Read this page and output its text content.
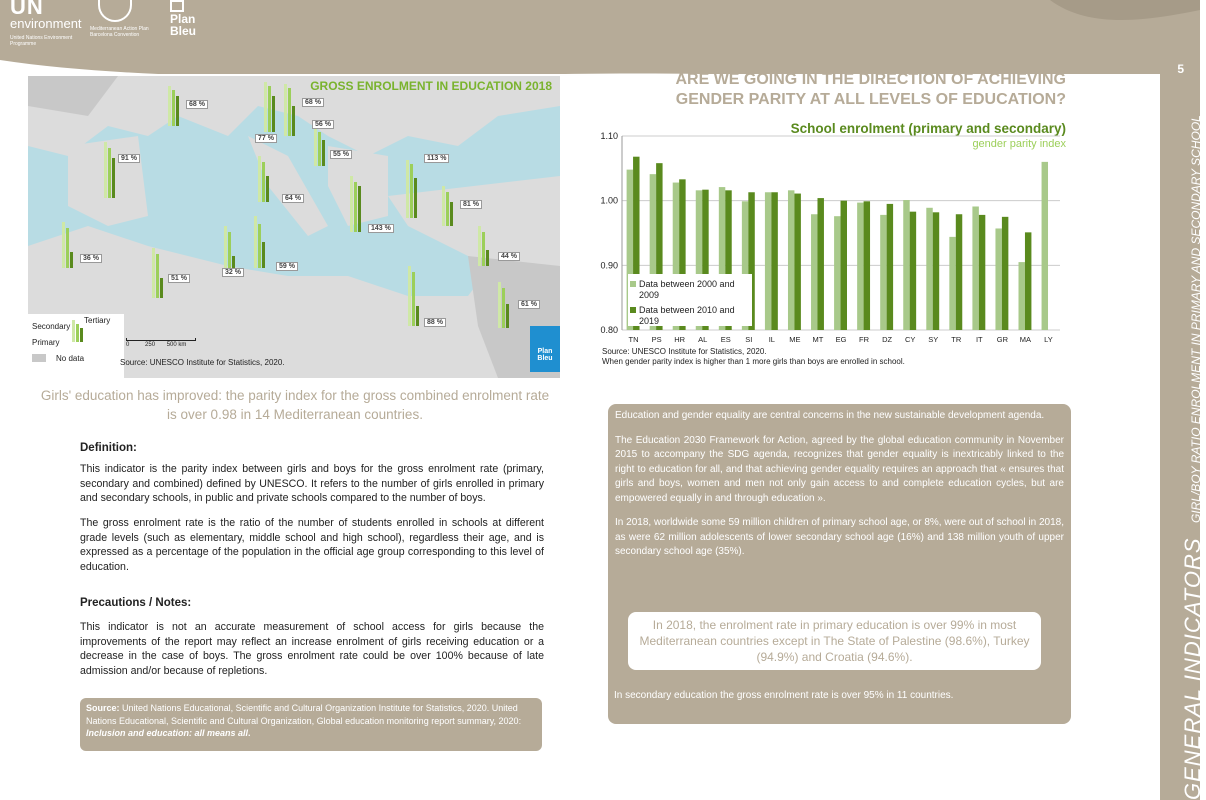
UN
environment
United Nations Environment Programme
Mediterranean Action Plan Barcelona Convention
Plan
Bleu
5
GENERAL INDICATORS GIRL/BOY RATIO ENROLMENT IN PRIMARY AND SECONDARY SCHOOL
GROSS ENROLMENT IN EDUCATION 2018
68 %	68 %
56 %
77 %
91 %
55 %
113 %
64 %
81 %
143 %
36 %	44 %
51 %
32 %
59 %
88 %
61 %
Tertiary
Secondary
Primary
No data
0	250 500 km
Source: UNESCO Institute for Statistics, 2020.
Plan
Bleu
Girls' education has improved: the parity index for the gross combined enrolment rate is over 0.98 in 14 Mediterranean countries.
Definition:
This indicator is the parity index between girls and boys for the gross enrolment rate (primary, secondary and combined) defined by UNESCO. It refers to the number of girls enrolled in primary and secondary schools, in public and private schools compared to the number of boys.
The gross enrolment rate is the ratio of the number of students enrolled in schools at different grade levels (such as elementary, middle school and high school), regardless their age, and is expressed as a percentage of the population in the official age group corresponding to this level of education.
Precautions / Notes:
This indicator is not an accurate measurement of school access for girls because the improvements of the report may reflect an increase enrolment of girls receiving education or a decrease in the case of boys. The gross enrolment rate could be over 100% because of late admission and/or because of repletions.
Source: United Nations Educational, Scientific and Cultural Organization Institute for Statistics, 2020. United Nations Educational, Scientific and Cultural Organization, Global education monitoring report summary, 2020: Inclusion and education: all means all.
ARE WE GOING IN THE DIRECTION OF ACHIEVING
GENDER PARITY AT ALL LEVELS OF EDUCATION?
School enrolment (primary and secondary)
gender parity index
0.80
0.90
1.00
1.10
TN PS HR AL ES SI IL ME MT EG FR DZ CY SY TR IT GR MA LY
Data between 2000 and
2009
Data between 2010 and
2019
Source: UNESCO Institute for Statistics, 2020.
When gender parity index is higher than 1 more girls than boys are enrolled in school.

Education and gender equality are central concerns in the new sustainable development agenda.

The Education 2030 Framework for Action, agreed by the global education community in November 2015 to accompany the SDG agenda, recognizes that gender equality is inextricably linked to the right to education for all, and that achieving gender equality requires an approach that « ensures that girls and boys, women and men not only gain access to and complete education cycles, but are empowered equally in and through education ».

In 2018, worldwide some 59 million children of primary school age, or 8%, were out of school in 2018, as were 62 million adolescents of lower secondary school age (16%) and 138 million youth of upper secondary school age (35%).

In 2018, the enrolment rate in primary education is over 99% in most Mediterranean countries except in The State of Palestine (98.6%), Turkey (94.9%) and Croatia (94.6%).
In secondary education the gross enrolment rate is over 95% in 11 countries.
